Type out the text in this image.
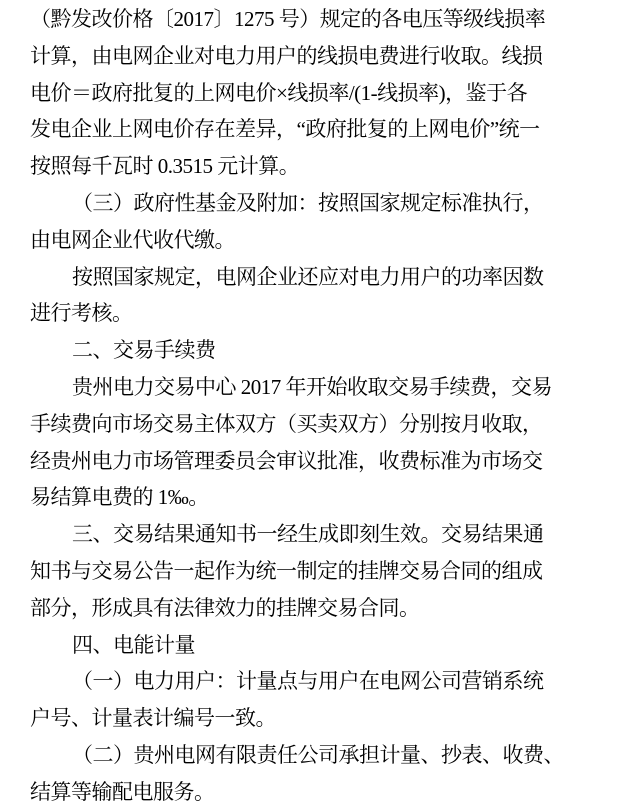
（黔发改价格〔2017〕1275 号）规定的各电压等级线损率
计算，由电网企业对电力用户的线损电费进行收取。线损
电价＝政府批复的上网电价×线损率/(1-线损率)，鉴于各
发电企业上网电价存在差异，“政府批复的上网电价”统一
按照每千瓦时 0.3515 元计算。
（三）政府性基金及附加：按照国家规定标准执行，
由电网企业代收代缴。
按照国家规定，电网企业还应对电力用户的功率因数
进行考核。
二、交易手续费
贵州电力交易中心 2017 年开始收取交易手续费，交易
手续费向市场交易主体双方（买卖双方）分别按月收取，
经贵州电力市场管理委员会审议批准，收费标准为市场交
易结算电费的 1‰。
三、交易结果通知书一经生成即刻生效。交易结果通
知书与交易公告一起作为统一制定的挂牌交易合同的组成
部分，形成具有法律效力的挂牌交易合同。
四、电能计量
（一）电力用户：计量点与用户在电网公司营销系统
户号、计量表计编号一致。
（二）贵州电网有限责任公司承担计量、抄表、收费、
结算等输配电服务。
